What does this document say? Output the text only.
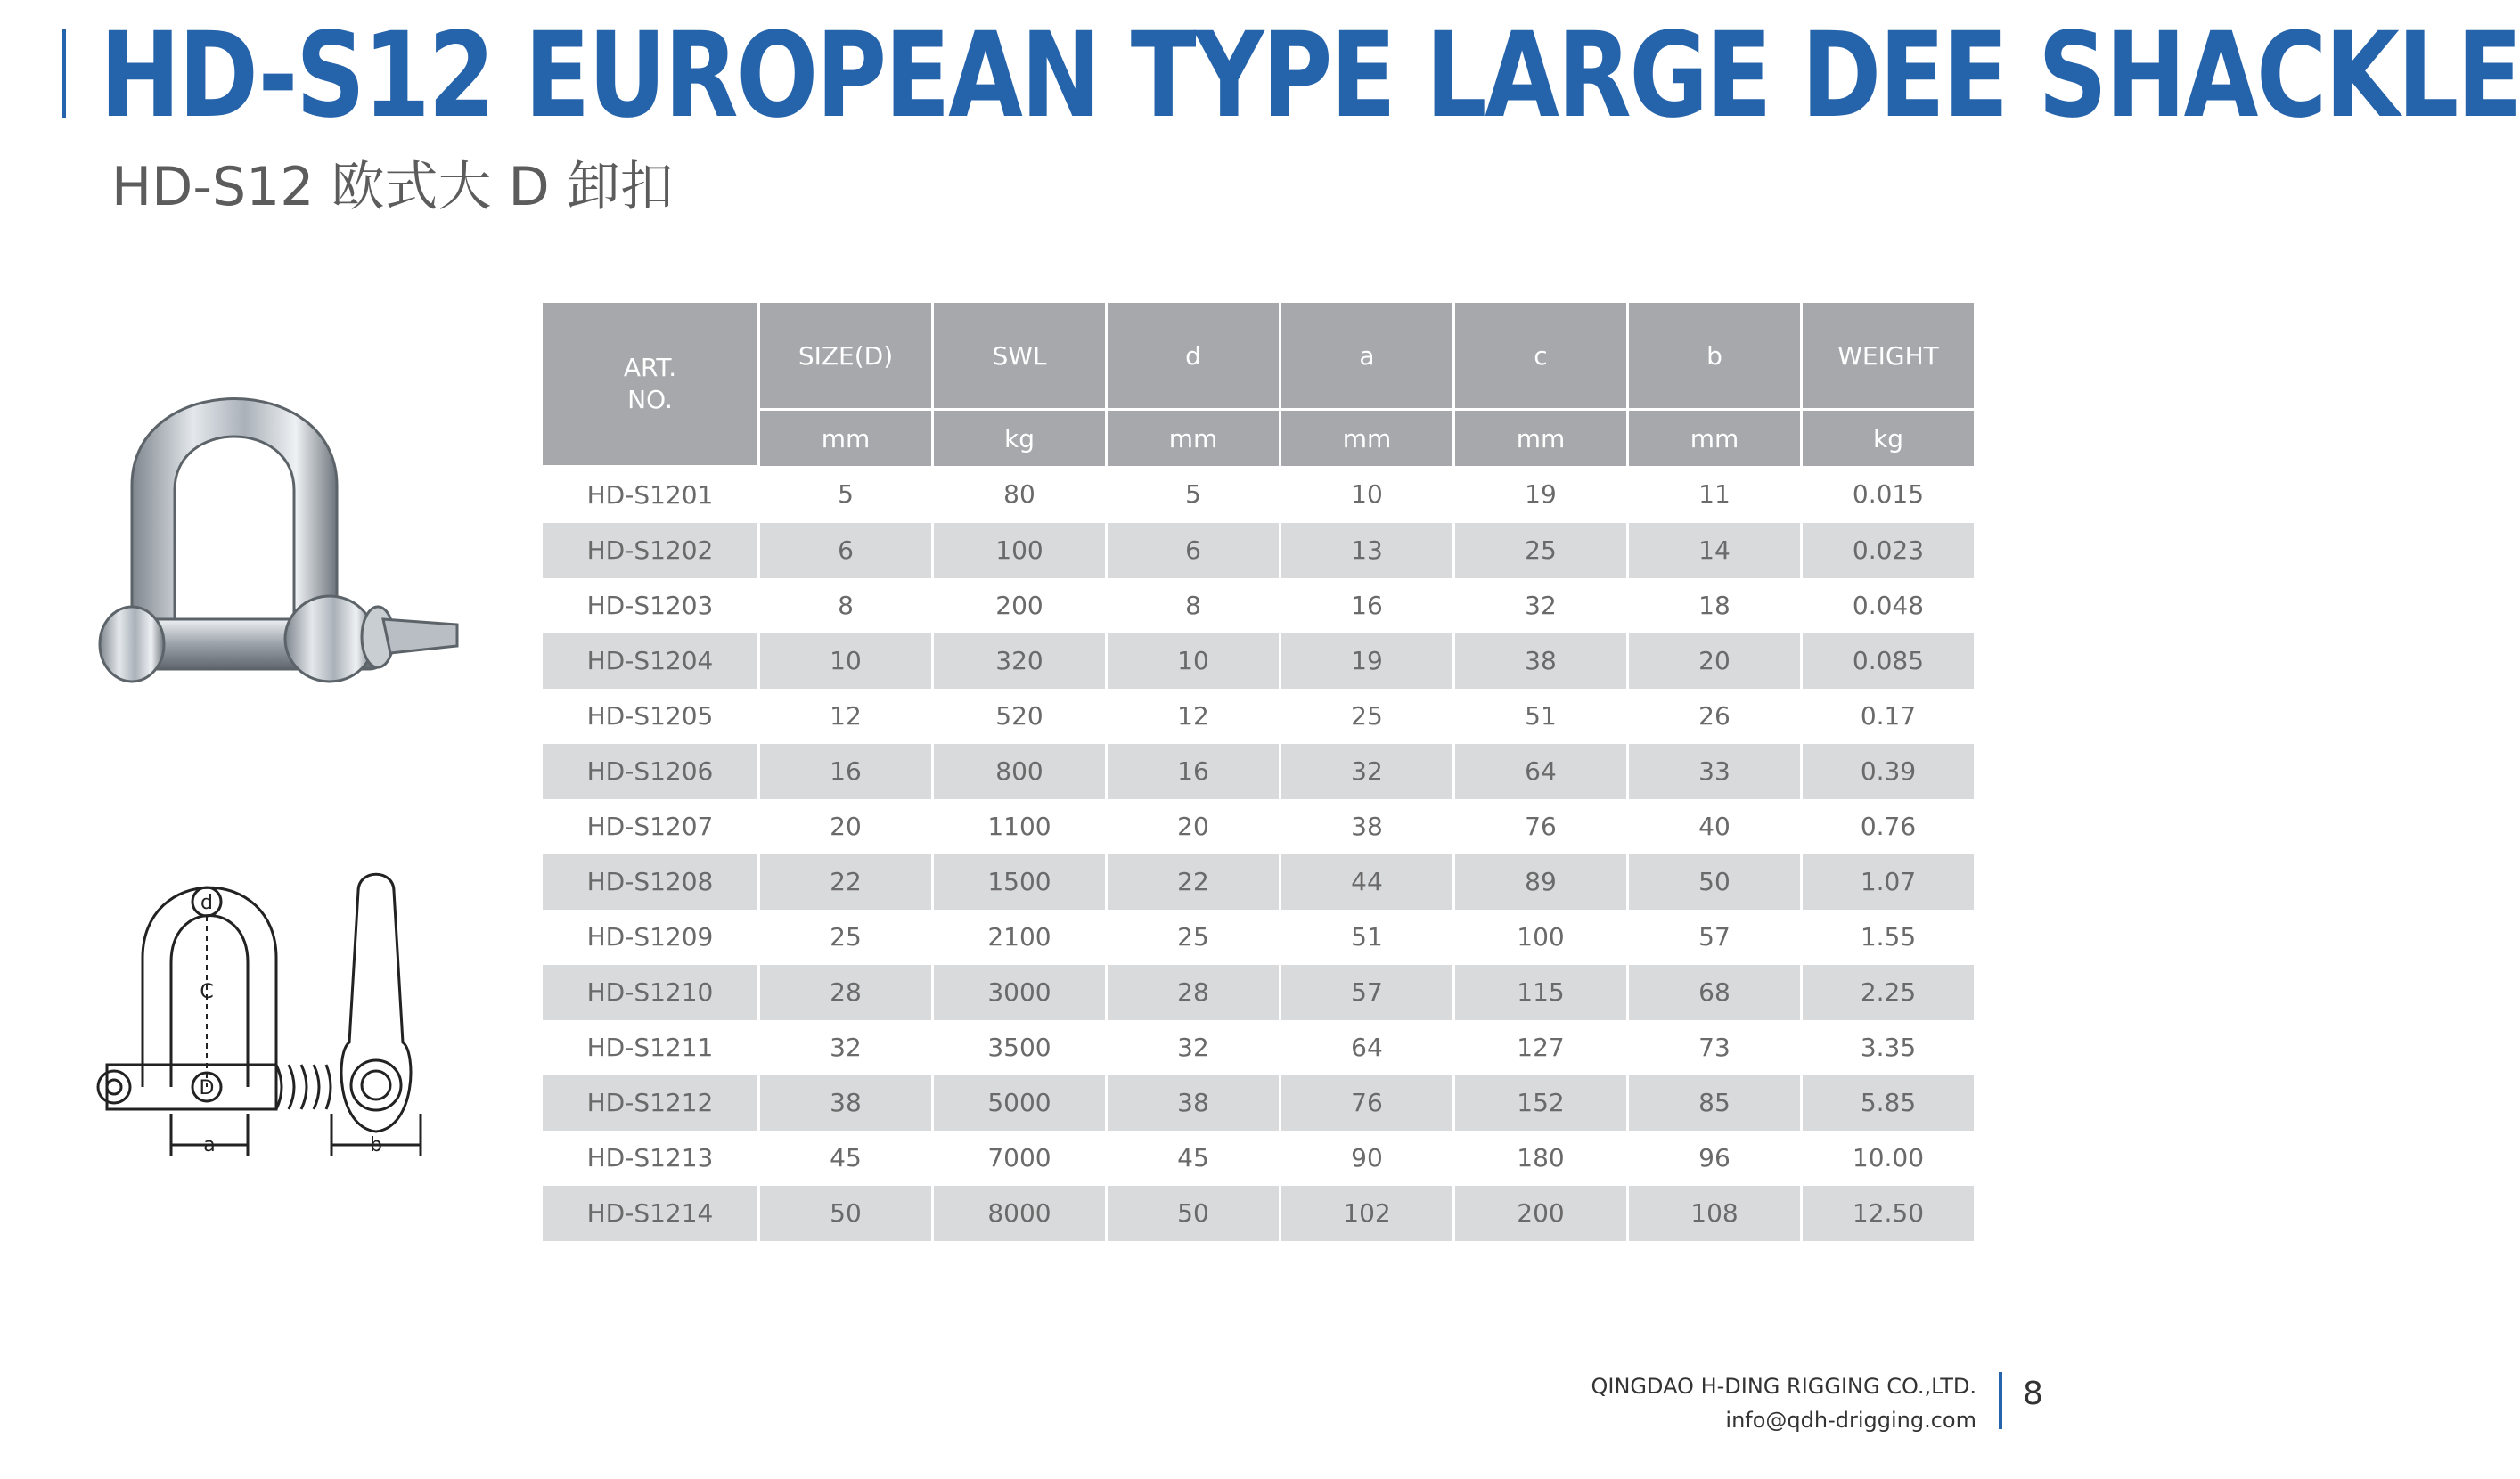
HD-S12 EUROPEAN TYPE LARGE DEE SHACKLE
HD-S12 欧式大 D 卸扣
d
C
D
a	b
ART.
NO.	SIZE(D)	SWL	d	a	c	b	WEIGHT
	mm	kg	mm	mm	mm	mm	kg
HD-S1201	5	80	5	10	19	11	0.015
HD-S1202	6	100	6	13	25	14	0.023
HD-S1203	8	200	8	16	32	18	0.048
HD-S1204	10	320	10	19	38	20	0.085
HD-S1205	12	520	12	25	51	26	0.17
HD-S1206	16	800	16	32	64	33	0.39
HD-S1207	20	1100	20	38	76	40	0.76
HD-S1208	22	1500	22	44	89	50	1.07
HD-S1209	25	2100	25	51	100	57	1.55
HD-S1210	28	3000	28	57	115	68	2.25
HD-S1211	32	3500	32	64	127	73	3.35
HD-S1212	38	5000	38	76	152	85	5.85
HD-S1213	45	7000	45	90	180	96	10.00
HD-S1214	50	8000	50	102	200	108	12.50
QINGDAO H-DING RIGGING CO.,LTD.
info@qdh-drigging.com
8
